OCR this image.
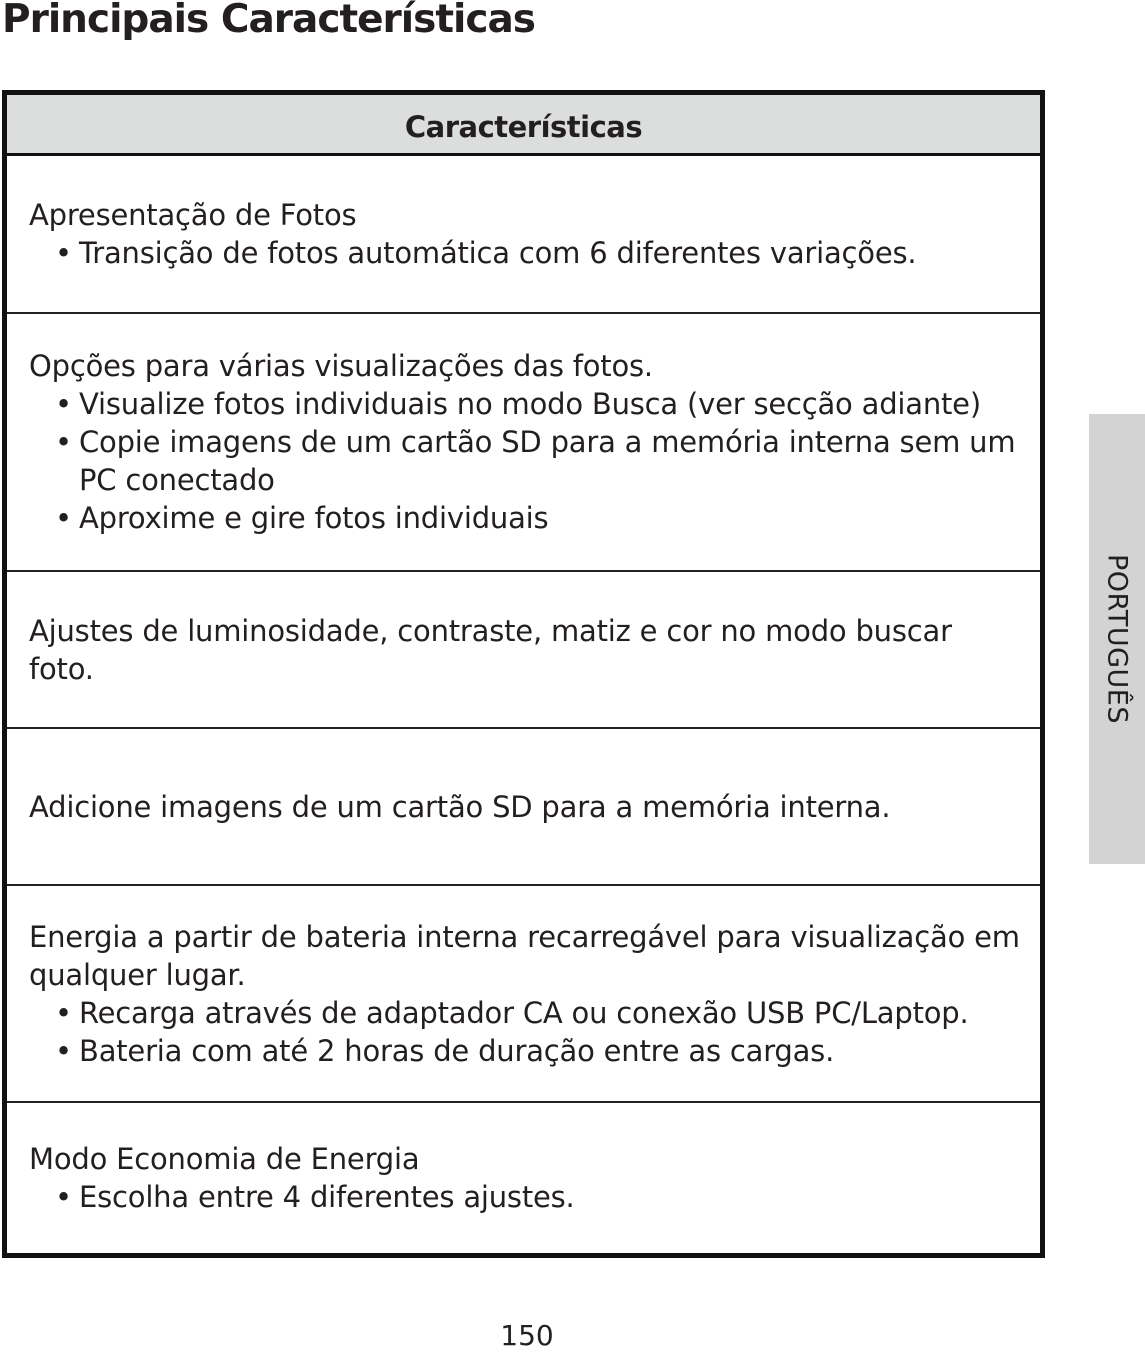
Principais Características
Características
Apresentação de Fotos
• Transição de fotos automática com 6 diferentes variações.
Opções para várias visualizações das fotos.
• Visualize fotos individuais no modo Busca (ver secção adiante)
• Copie imagens de um cartão SD para a memória interna sem um PC conectado
• Aproxime e gire fotos individuais
Ajustes de luminosidade, contraste, matiz e cor no modo buscar foto.
Adicione imagens de um cartão SD para a memória interna.
Energia a partir de bateria interna recarregável para visualização em qualquer lugar.
• Recarga através de adaptador CA ou conexão USB PC/Laptop.
• Bateria com até 2 horas de duração entre as cargas.
Modo Economia de Energia
• Escolha entre 4 diferentes ajustes.
PORTUGUÊS
150
